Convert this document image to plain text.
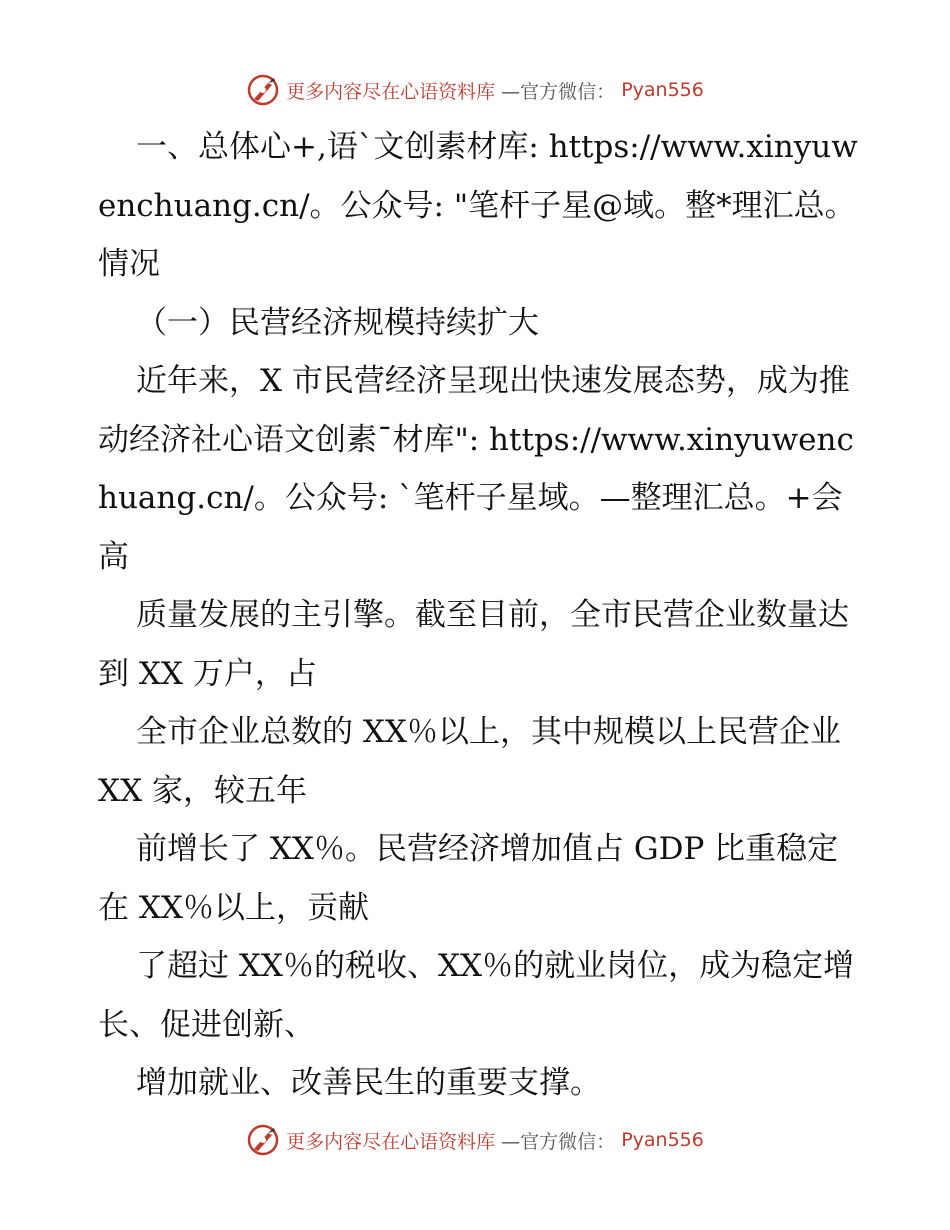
更多内容尽在心语资料库 —官方微信： Pyan556

一、总体心+,语`文创素材库: https://www.xinyuwenchuang.cn/。公众号: "笔杆子星@域。整*理汇总。情况

（一）民营经济规模持续扩大

近年来，X 市民营经济呈现出快速发展态势，成为推动经济社心语文创素¯材库": https://www.xinyuwenchuang.cn/。公众号: `笔杆子星域。—整理汇总。+会高

质量发展的主引擎。截至目前，全市民营企业数量达到 XX 万户，占

全市企业总数的 XX％以上，其中规模以上民营企业 XX 家，较五年

前增长了 XX％。民营经济增加值占 GDP 比重稳定在 XX％以上，贡献

了超过 XX％的税收、XX％的就业岗位，成为稳定增长、促进创新、

增加就业、改善民生的重要支撑。

更多内容尽在心语资料库 —官方微信： Pyan556
